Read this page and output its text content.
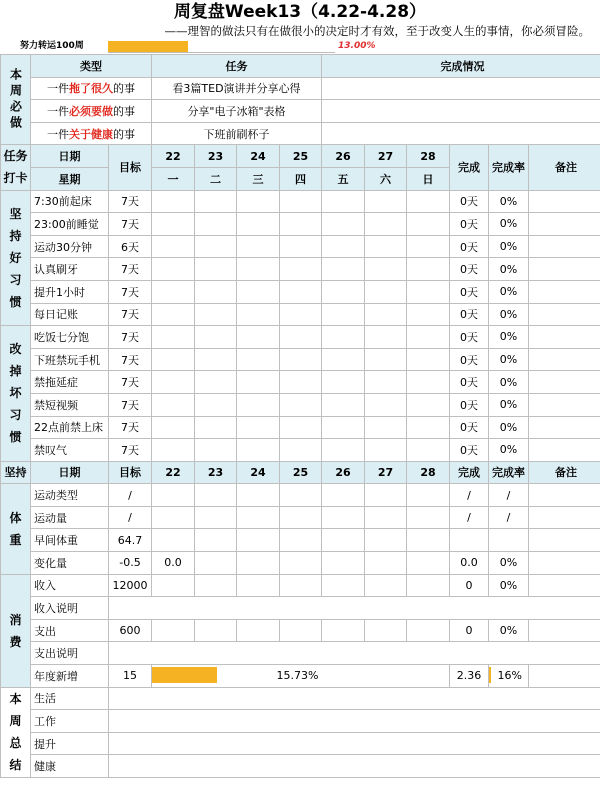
周复盘Week13（4.22-4.28）
——理智的做法只有在做很小的决定时才有效，至于改变人生的事情，你必须冒险。
努力转运100周	13.00%
本周必做	类型		任务				完成情况					
	一件拖了很久的事		看3篇TED演讲并分享心得									
	一件必须要做的事		分享"电子冰箱"表格									
	一件关于健康的事		下班前刷杯子									
任务打卡	日期	目标	22	23	24	25	26	27	28	完成	完成率	备注
	星期		一	二	三	四	五	六	日			
坚持好习惯	7:30前起床	7天								0天	0%	
	23:00前睡觉	7天								0天	0%	
	运动30分钟	6天								0天	0%	
	认真刷牙	7天								0天	0%	
	提升1小时	7天								0天	0%	
	每日记账	7天								0天	0%	
改掉坏习惯	吃饭七分饱	7天								0天	0%	
	下班禁玩手机	7天								0天	0%	
	禁拖延症	7天								0天	0%	
	禁短视频	7天								0天	0%	
	22点前禁上床	7天								0天	0%	
	禁叹气	7天								0天	0%	
坚持	日期	目标	22	23	24	25	26	27	28	完成	完成率	备注
体重	运动类型	/								/	/	
	运动量	/								/	/	
	早间体重	64.7										
	变化量	-0.5	0.0							0.0	0%	
消费	收入	12000								0	0%	
	收入说明											
	支出	600								0	0%	
	支出说明											
	年度新增	15	15.73%							2.36	16%	

本周总结	生活											
	工作											
	提升											
	健康											
